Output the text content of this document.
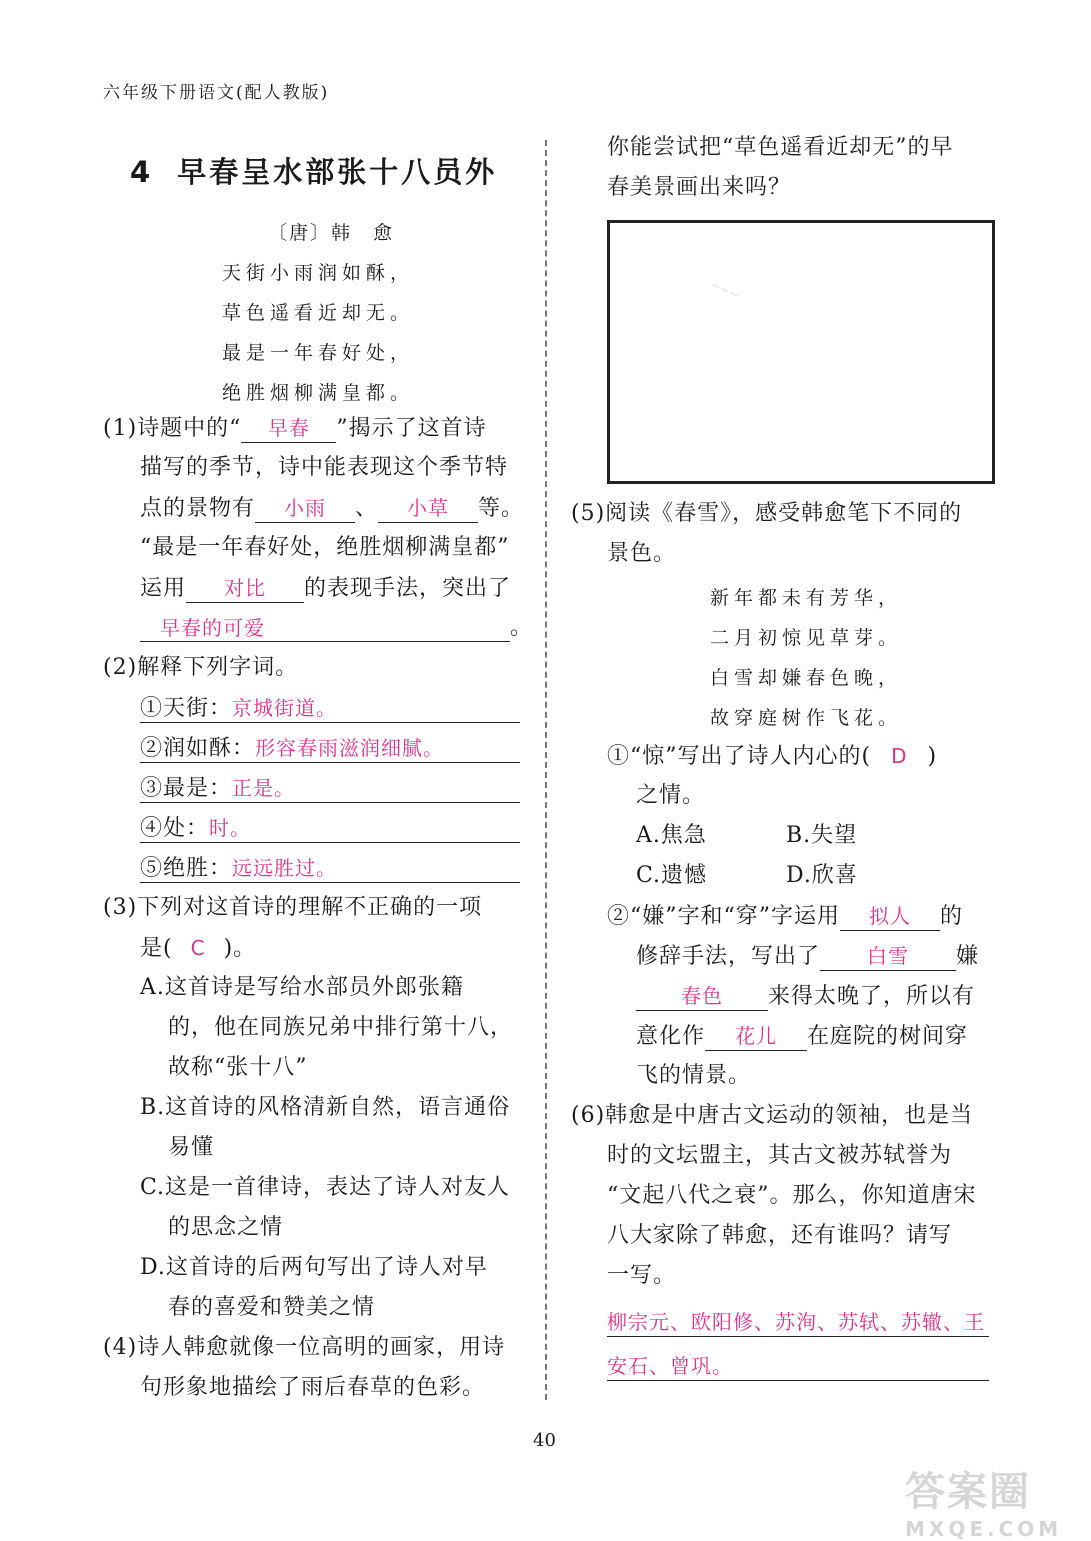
六年级下册语文(配人教版)
4 早春呈水部张十八员外
〔唐〕韩　愈
天街小雨润如酥，
草色遥看近却无。
最是一年春好处，
绝胜烟柳满皇都。
(1)诗题中的“ 早春 ”揭示了这首诗
描写的季节，诗中能表现这个季节特
点的景物有 小雨 、 小草 等。
“最是一年春好处，绝胜烟柳满皇都”
运用 对比 的表现手法，突出了
早春的可爱	。
(2)解释下列字词。
①天街：京城街道。
②润如酥：形容春雨滋润细腻。
③最是：正是。
④处：时。
⑤绝胜：远远胜过。
(3)下列对这首诗的理解不正确的一项
是( C )。
A.这首诗是写给水部员外郎张籍
的，他在同族兄弟中排行第十八，
故称“张十八”
B.这首诗的风格清新自然，语言通俗
易懂
C.这是一首律诗，表达了诗人对友人
的思念之情
D.这首诗的后两句写出了诗人对早
春的喜爱和赞美之情
(4)诗人韩愈就像一位高明的画家，用诗
句形象地描绘了雨后春草的色彩。
你能尝试把“草色遥看近却无”的早
春美景画出来吗？
~~~
(5)阅读《春雪》，感受韩愈笔下不同的
景色。
新年都未有芳华，
二月初惊见草芽。
白雪却嫌春色晚，
故穿庭树作飞花。
①“惊”写出了诗人内心的( D )
之情。
A.焦急	B.失望
C.遗憾	D.欣喜
②“嫌”字和“穿”字运用 拟人 的
修辞手法，写出了 白雪 嫌
春色 来得太晚了，所以有
意化作 花儿 在庭院的树间穿
飞的情景。
(6)韩愈是中唐古文运动的领袖，也是当
时的文坛盟主，其古文被苏轼誉为
“文起八代之衰”。那么，你知道唐宋
八大家除了韩愈，还有谁吗？请写
一写。
柳宗元、欧阳修、苏洵、苏轼、苏辙、王
安石、曾巩。
40
答案圈
MXQE.COM
